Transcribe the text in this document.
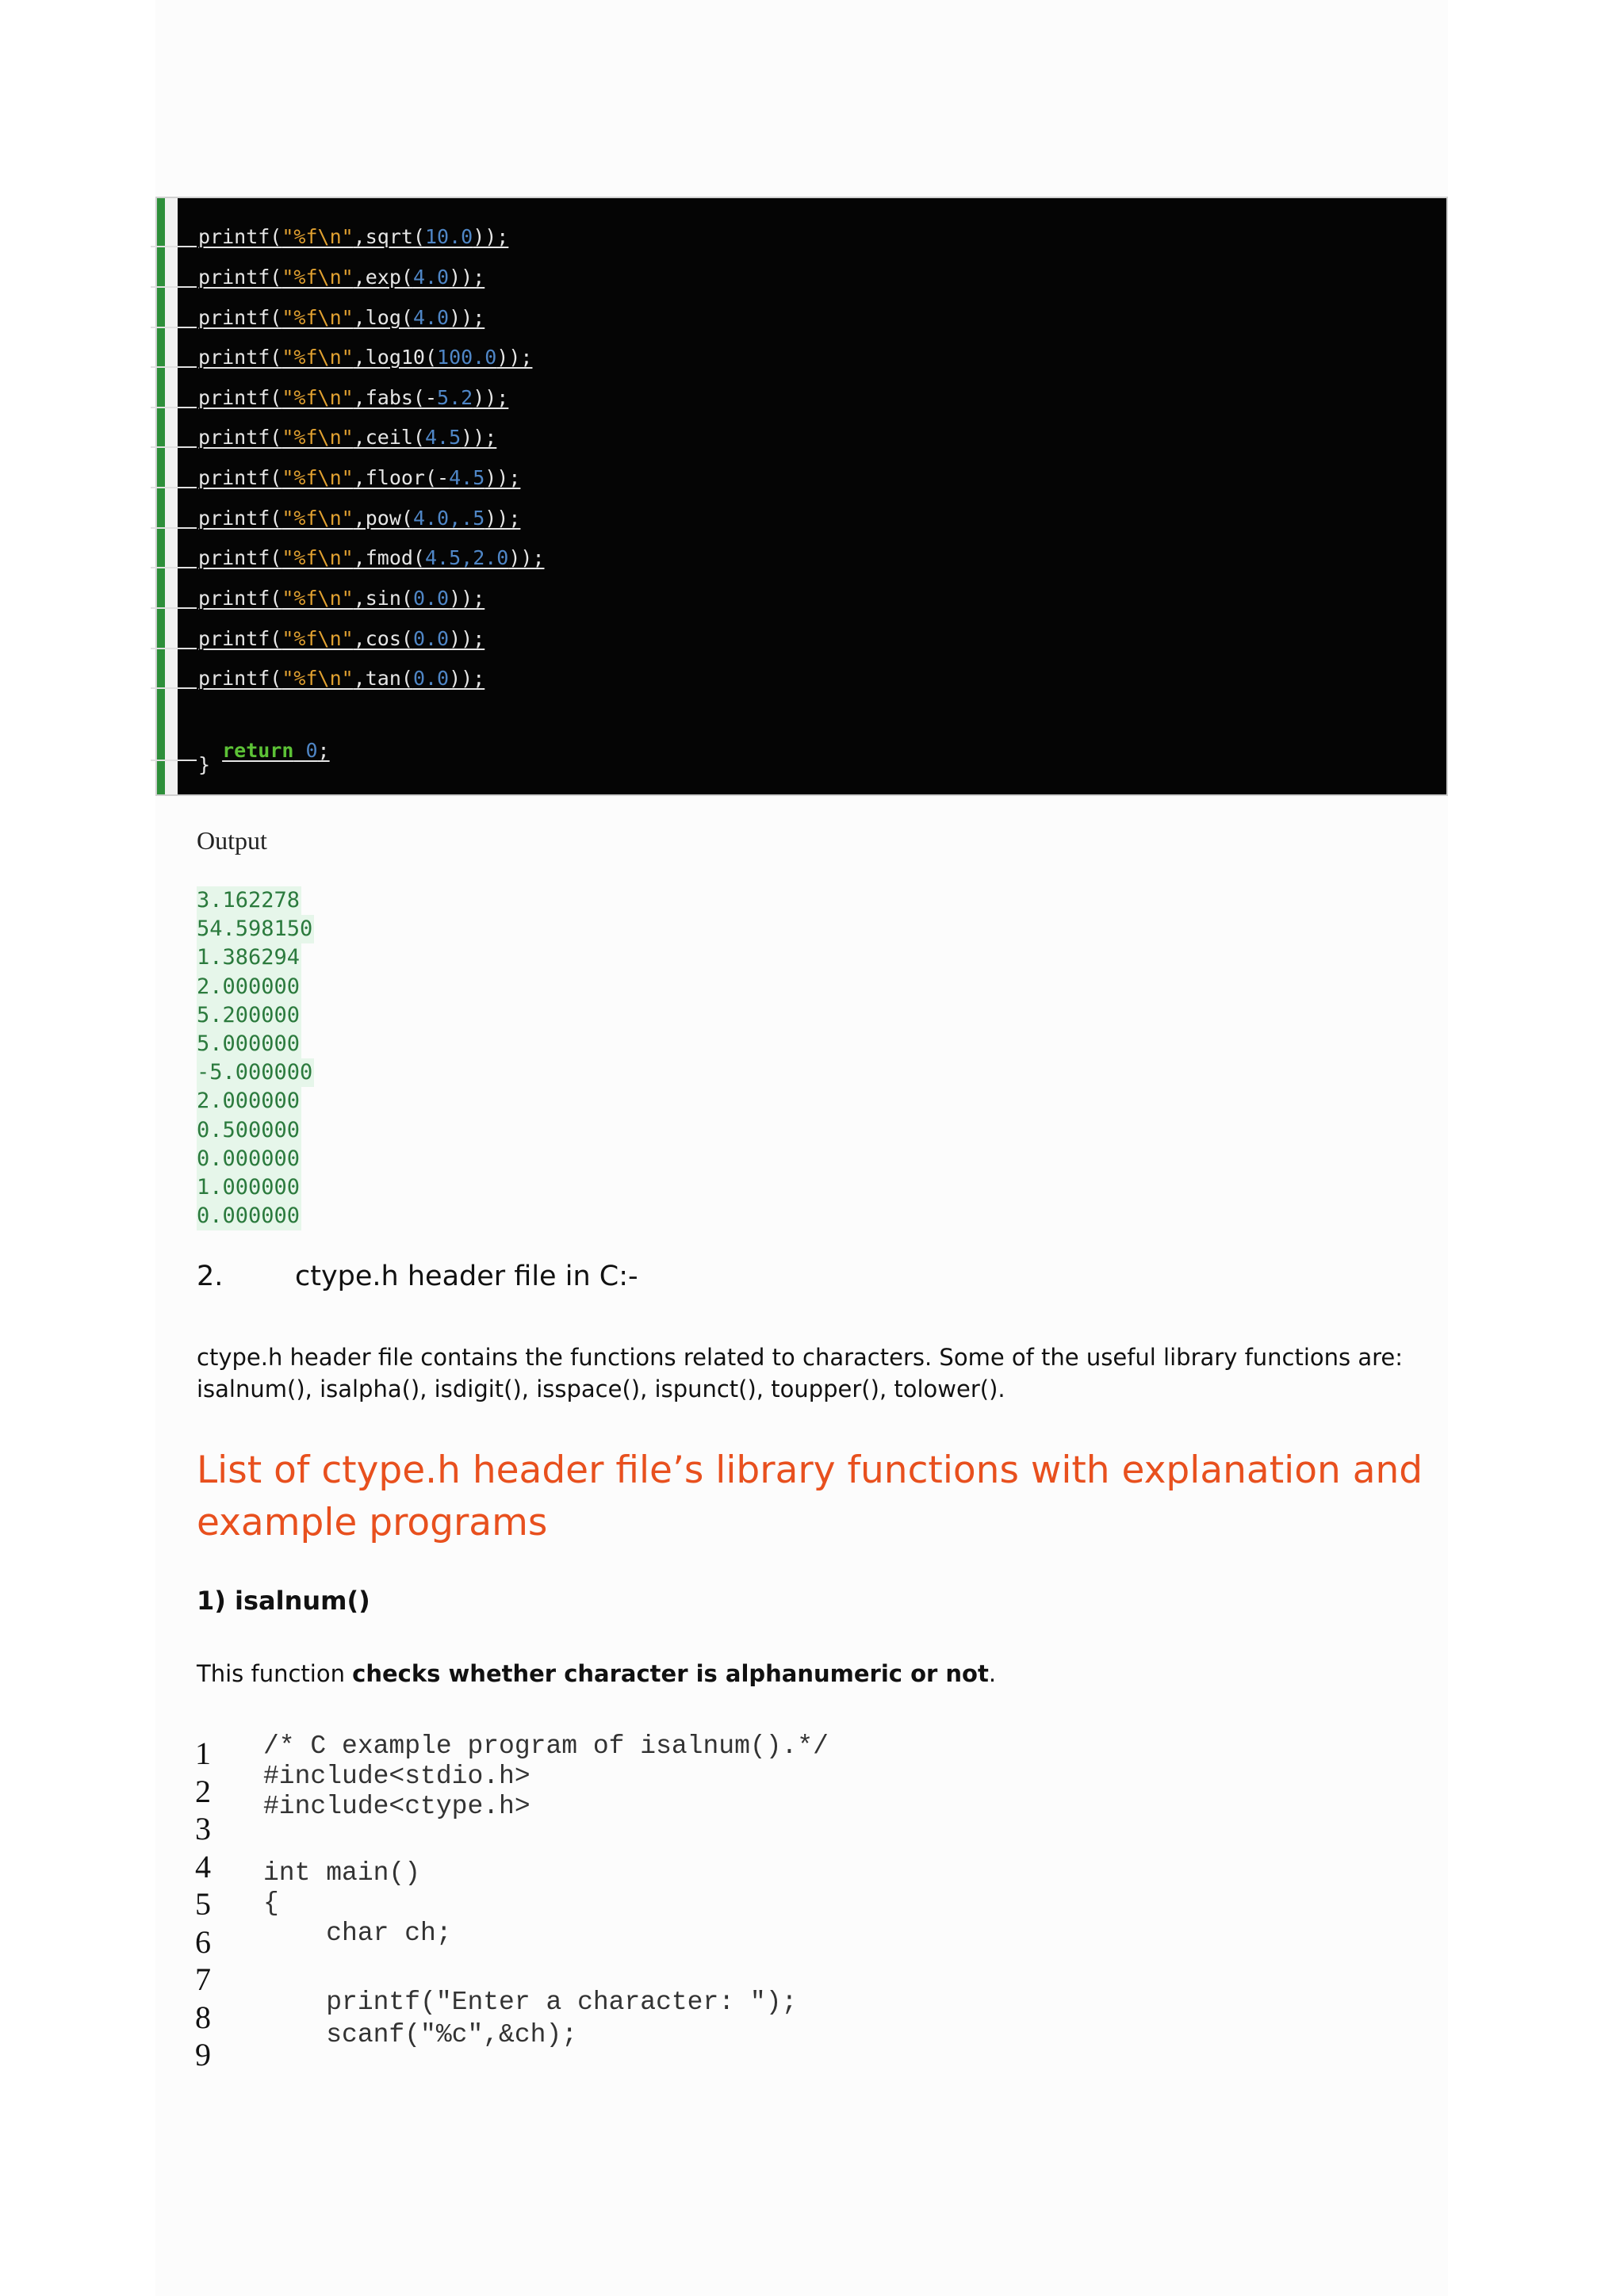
printf("%f\n",sqrt(10.0));
printf("%f\n",exp(4.0));
printf("%f\n",log(4.0));
printf("%f\n",log10(100.0));
printf("%f\n",fabs(-5.2));
printf("%f\n",ceil(4.5));
printf("%f\n",floor(-4.5));
printf("%f\n",pow(4.0,.5));
printf("%f\n",fmod(4.5,2.0));
printf("%f\n",sin(0.0));
printf("%f\n",cos(0.0));
printf("%f\n",tan(0.0));

return 0;

}
Output
3.162278
54.598150
1.386294
2.000000
5.200000
5.000000
-5.000000
2.000000
0.500000
0.000000
1.000000
0.000000
2.	ctype.h header file in C:-
ctype.h header file contains the functions related to characters. Some of the useful library functions are: isalnum(), isalpha(), isdigit(), isspace(), ispunct(), toupper(), tolower().
List of ctype.h header file’s library functions with explanation and example programs
1) isalnum()
This function checks whether character is alphanumeric or not.
1
2
3
4
5
6
7
8
9
/* C example program of isalnum().*/
#include<stdio.h>
#include<ctype.h>
int main()
{
char ch;
printf("Enter a character: ");
scanf("%c",&ch);
